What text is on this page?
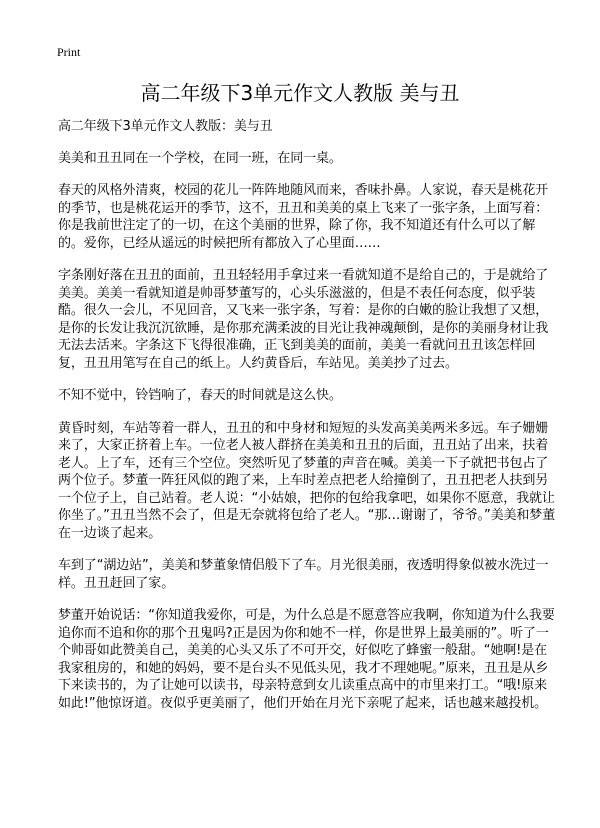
Print
高二年级下3单元作文人教版 美与丑

高二年级下3单元作文人教版：美与丑

美美和丑丑同在一个学校，在同一班，在同一桌。

春天的风格外清爽，校园的花儿一阵阵地随风而来，香味扑鼻。人家说，春天是桃花开的季节，也是桃花运开的季节，这不，丑丑和美美的桌上飞来了一张字条，上面写着：你是我前世注定了的一切，在这个美丽的世界，除了你，我不知道还有什么可以了解的。爱你，已经从遥远的时候把所有都放入了心里面……

字条刚好落在丑丑的面前，丑丑轻轻用手拿过来一看就知道不是给自己的，于是就给了美美。美美一看就知道是帅哥梦董写的，心头乐滋滋的，但是不表任何态度，似乎装酷。很久一会儿，不见回音，又飞来一张字条，写着：是你的白嫩的脸让我想了又想，是你的长发让我沉沉欲睡，是你那充满柔波的目光让我神魂颠倒，是你的美丽身材让我无法去活来。字条这下飞得很准确，正飞到美美的面前，美美一看就问丑丑该怎样回复，丑丑用笔写在自己的纸上。人约黄昏后，车站见。美美抄了过去。

不知不觉中，铃铛响了，春天的时间就是这么快。

黄昏时刻，车站等着一群人，丑丑的和中身材和短短的头发高美美两米多远。车子姗姗来了，大家正挤着上车。一位老人被人群挤在美美和丑丑的后面，丑丑站了出来，扶着老人。上了车，还有三个空位。突然听见了梦董的声音在喊。美美一下子就把书包占了两个位子。梦董一阵狂风似的跑了来，上车时差点把老人给撞倒了，丑丑把老人扶到另一个位子上，自己站着。老人说：“小姑娘，把你的包给我拿吧，如果你不愿意，我就让你坐了。”丑丑当然不会了，但是无奈就将包给了老人。“那…谢谢了，爷爷。”美美和梦董在一边谈了起来。

车到了“湖边站”，美美和梦董象情侣般下了车。月光很美丽，夜透明得象似被水洗过一样。丑丑赶回了家。

梦董开始说话：“你知道我爱你，可是，为什么总是不愿意答应我啊，你知道为什么我要追你而不追和你的那个丑鬼吗?正是因为你和她不一样，你是世界上最美丽的”。听了一个帅哥如此赞美自己，美美的心头又乐了不可开交，好似吃了蜂蜜一般甜。“她啊!是在我家租房的，和她的妈妈，要不是台头不见低头见，我才不理她呢。”原来，丑丑是从乡下来读书的，为了让她可以读书，母亲特意到女儿读重点高中的市里来打工。“哦!原来如此!”他惊讶道。夜似乎更美丽了，他们开始在月光下亲呢了起来，话也越来越投机。
